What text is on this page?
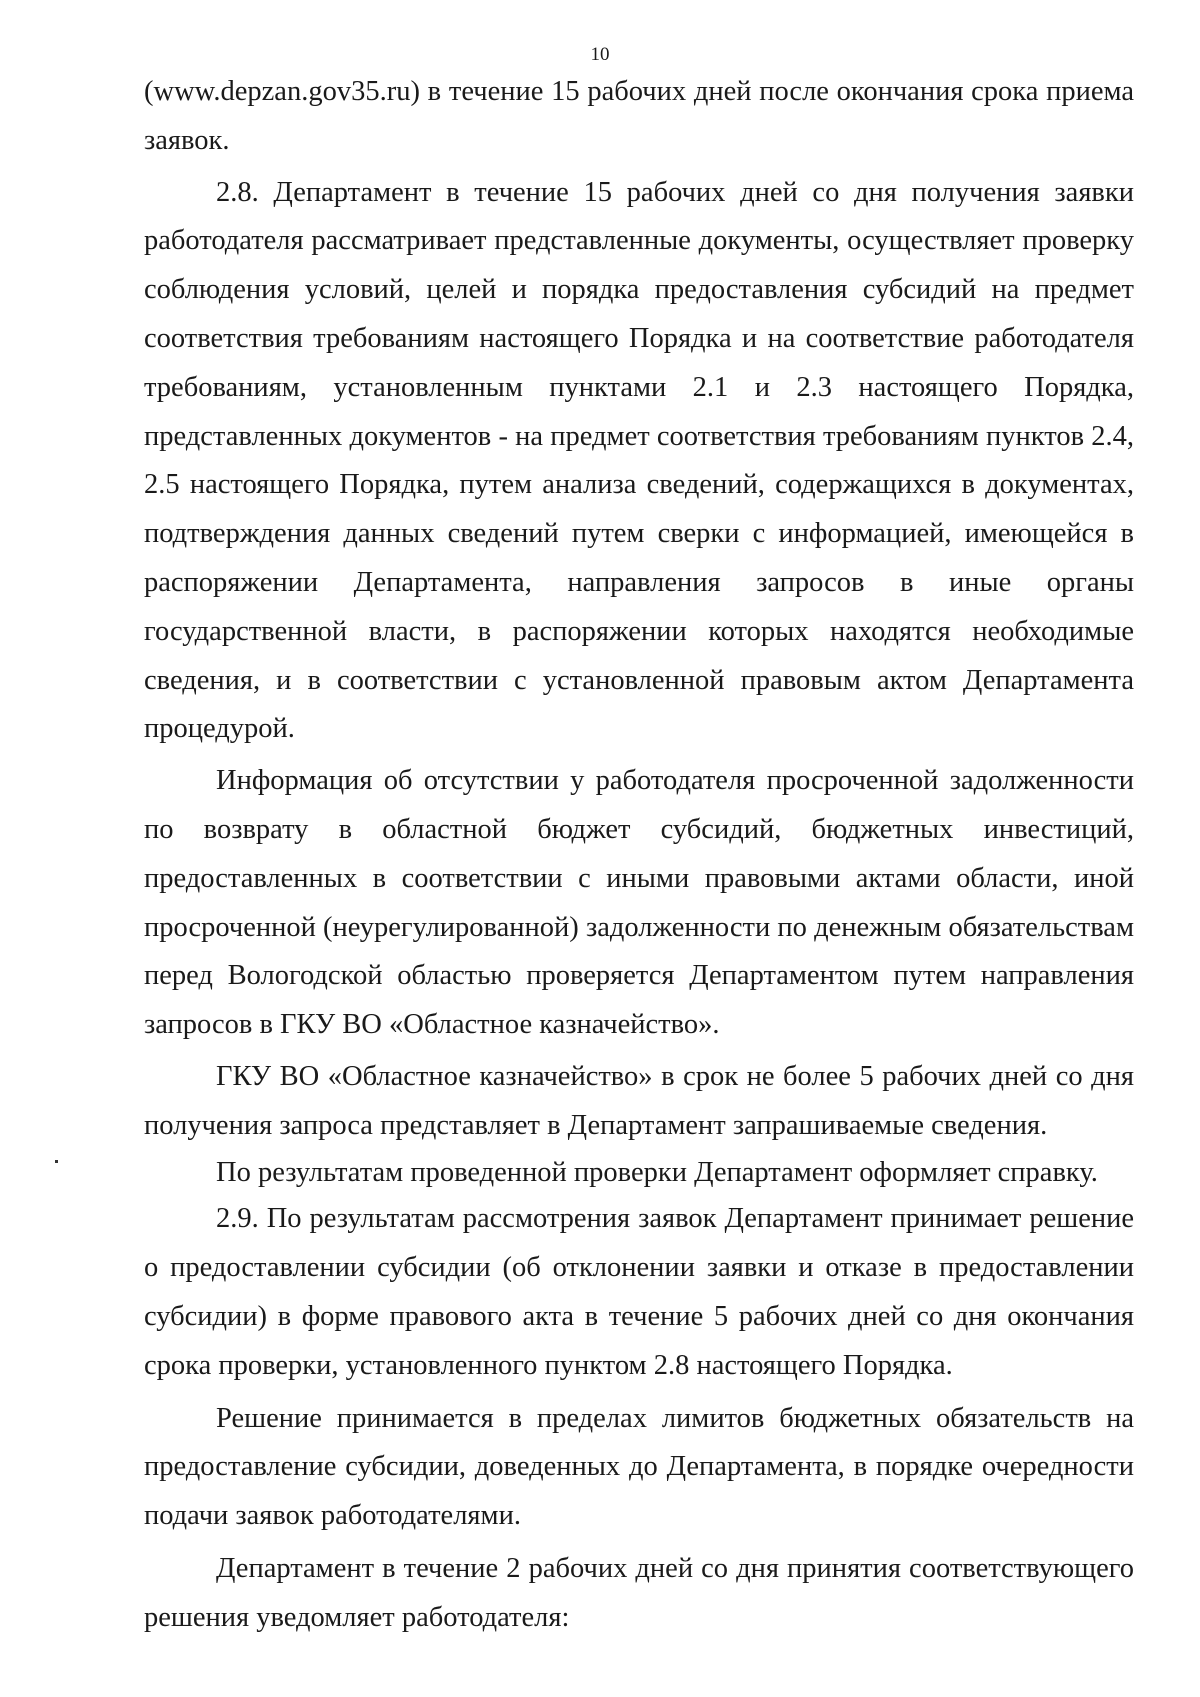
10

(www.depzan.gov35.ru) в течение 15 рабочих дней после окончания срока приема заявок.

2.8. Департамент в течение 15 рабочих дней со дня получения заявки работодателя рассматривает представленные документы, осуществляет проверку соблюдения условий, целей и порядка предоставления субсидий на предмет соответствия требованиям настоящего Порядка и на соответствие работодателя требованиям, установленным пунктами 2.1 и 2.3 настоящего Порядка, представленных документов - на предмет соответствия требованиям пунктов 2.4, 2.5 настоящего Порядка, путем анализа сведений, содержащихся в документах, подтверждения данных сведений путем сверки с информацией, имеющейся в распоряжении Департамента, направления запросов в иные органы государственной власти, в распоряжении которых находятся необходимые сведения, и в соответствии с установленной правовым актом Департамента процедурой.

Информация об отсутствии у работодателя просроченной задолженности по возврату в областной бюджет субсидий, бюджетных инвестиций, предоставленных в соответствии с иными правовыми актами области, иной просроченной (неурегулированной) задолженности по денежным обязательствам перед Вологодской областью проверяется Департаментом путем направления запросов в ГКУ ВО «Областное казначейство».

ГКУ ВО «Областное казначейство» в срок не более 5 рабочих дней со дня получения запроса представляет в Департамент запрашиваемые сведения.

По результатам проведенной проверки Департамент оформляет справку.

2.9. По результатам рассмотрения заявок Департамент принимает решение о предоставлении субсидии (об отклонении заявки и отказе в предоставлении субсидии) в форме правового акта в течение 5 рабочих дней со дня окончания срока проверки, установленного пунктом 2.8 настоящего Порядка.

Решение принимается в пределах лимитов бюджетных обязательств на предоставление субсидии, доведенных до Департамента, в порядке очередности подачи заявок работодателями.

Департамент в течение 2 рабочих дней со дня принятия соответствующего решения уведомляет работодателя:
